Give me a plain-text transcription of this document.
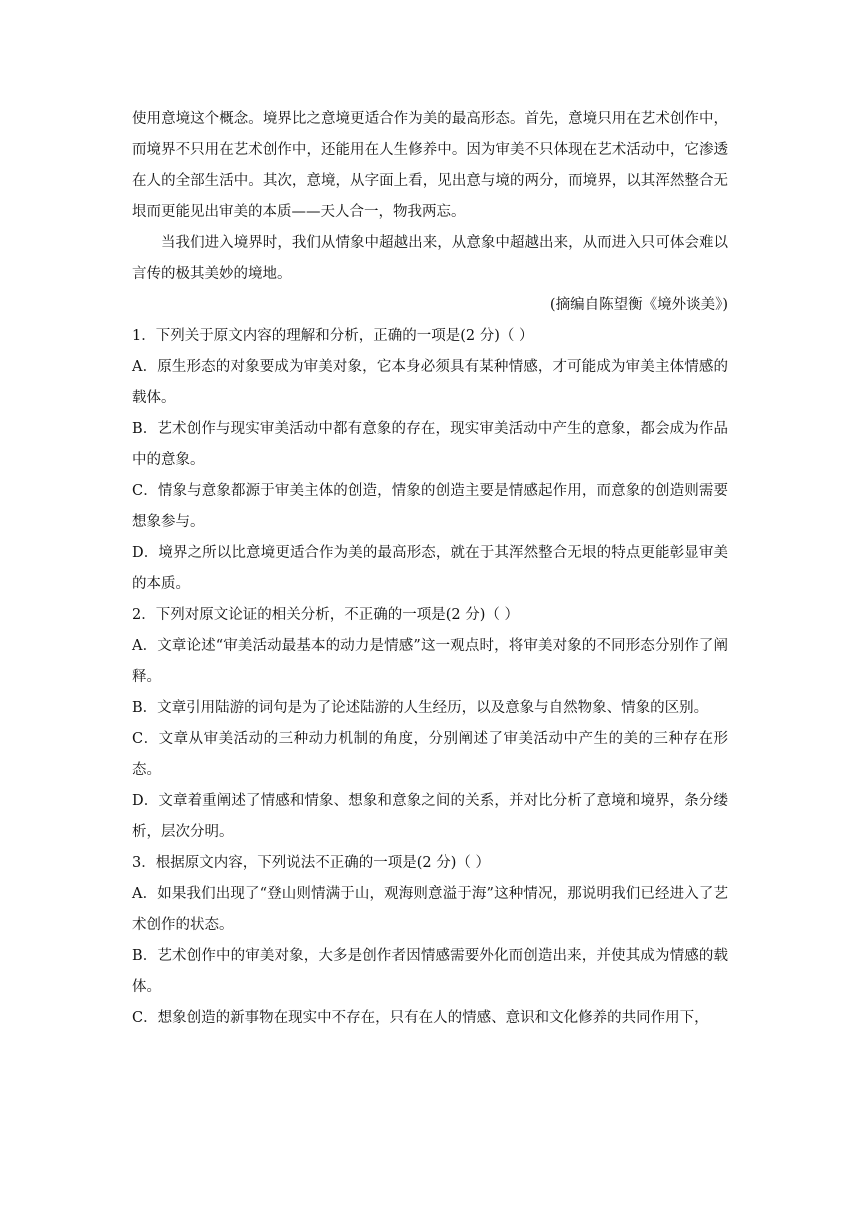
使用意境这个概念。境界比之意境更适合作为美的最高形态。首先，意境只用在艺术创作中，而境界不只用在艺术创作中，还能用在人生修养中。因为审美不只体现在艺术活动中，它渗透在人的全部生活中。其次，意境，从字面上看，见出意与境的两分，而境界，以其浑然整合无垠而更能见出审美的本质——天人合一，物我两忘。

当我们进入境界时，我们从情象中超越出来，从意象中超越出来，从而进入只可体会难以言传的极其美妙的境地。

(摘编自陈望衡《境外谈美》)

1．下列关于原文内容的理解和分析，正确的一项是(2 分)（ ）

A．原生形态的对象要成为审美对象，它本身必须具有某种情感，才可能成为审美主体情感的载体。

B．艺术创作与现实审美活动中都有意象的存在，现实审美活动中产生的意象，都会成为作品中的意象。

C．情象与意象都源于审美主体的创造，情象的创造主要是情感起作用，而意象的创造则需要想象参与。

D．境界之所以比意境更适合作为美的最高形态，就在于其浑然整合无垠的特点更能彰显审美的本质。

2．下列对原文论证的相关分析，不正确的一项是(2 分)（ ）

A．文章论述“审美活动最基本的动力是情感”这一观点时，将审美对象的不同形态分别作了阐释。

B．文章引用陆游的词句是为了论述陆游的人生经历，以及意象与自然物象、情象的区别。

C．文章从审美活动的三种动力机制的角度，分别阐述了审美活动中产生的美的三种存在形态。

D．文章着重阐述了情感和情象、想象和意象之间的关系，并对比分析了意境和境界，条分缕析，层次分明。

3．根据原文内容，下列说法不正确的一项是(2 分)（ ）

A．如果我们出现了“登山则情满于山，观海则意溢于海”这种情况，那说明我们已经进入了艺术创作的状态。

B．艺术创作中的审美对象，大多是创作者因情感需要外化而创造出来，并使其成为情感的载体。

C．想象创造的新事物在现实中不存在，只有在人的情感、意识和文化修养的共同作用下，
